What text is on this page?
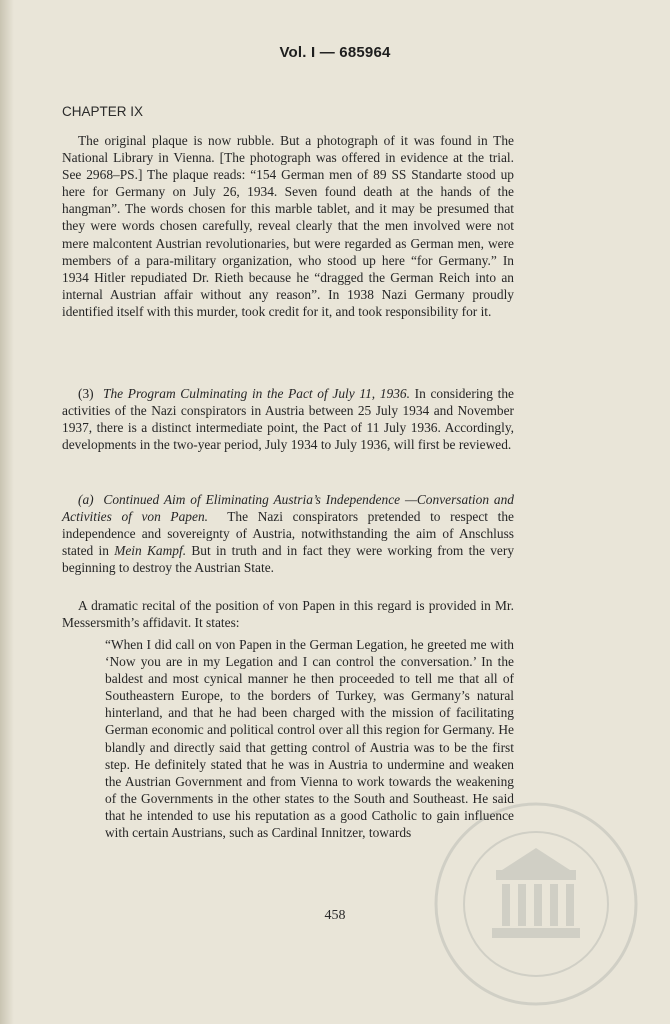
Vol. I — 685964
CHAPTER IX
The original plaque is now rubble. But a photograph of it was found in The National Library in Vienna. [The photograph was offered in evidence at the trial. See 2968–PS.] The plaque reads: “154 German men of 89 SS Standarte stood up here for Germany on July 26, 1934. Seven found death at the hands of the hangman”. The words chosen for this marble tablet, and it may be presumed that they were words chosen carefully, reveal clearly that the men involved were not mere malcontent Austrian revolutionaries, but were regarded as German men, were members of a para-military organization, who stood up here “for Germany.” In 1934 Hitler repudiated Dr. Rieth because he “dragged the German Reich into an internal Austrian affair without any reason”. In 1938 Nazi Germany proudly identified itself with this murder, took credit for it, and took responsibility for it.
(3) The Program Culminating in the Pact of July 11, 1936. In considering the activities of the Nazi conspirators in Austria between 25 July 1934 and November 1937, there is a distinct intermediate point, the Pact of 11 July 1936. Accordingly, developments in the two-year period, July 1934 to July 1936, will first be reviewed.
(a) Continued Aim of Eliminating Austria’s Independence —Conversation and Activities of von Papen. The Nazi conspirators pretended to respect the independence and sovereignty of Austria, notwithstanding the aim of Anschluss stated in Mein Kampf. But in truth and in fact they were working from the very beginning to destroy the Austrian State.
A dramatic recital of the position of von Papen in this regard is provided in Mr. Messersmith’s affidavit. It states:
“When I did call on von Papen in the German Legation, he greeted me with ‘Now you are in my Legation and I can control the conversation.’ In the baldest and most cynical manner he then proceeded to tell me that all of Southeastern Europe, to the borders of Turkey, was Germany’s natural hinterland, and that he had been charged with the mission of facilitating German economic and political control over all this region for Germany. He blandly and directly said that getting control of Austria was to be the first step. He definitely stated that he was in Austria to undermine and weaken the Austrian Government and from Vienna to work towards the weakening of the Governments in the other states to the South and Southeast. He said that he intended to use his reputation as a good Catholic to gain influence with certain Austrians, such as Cardinal Innitzer, towards
458
